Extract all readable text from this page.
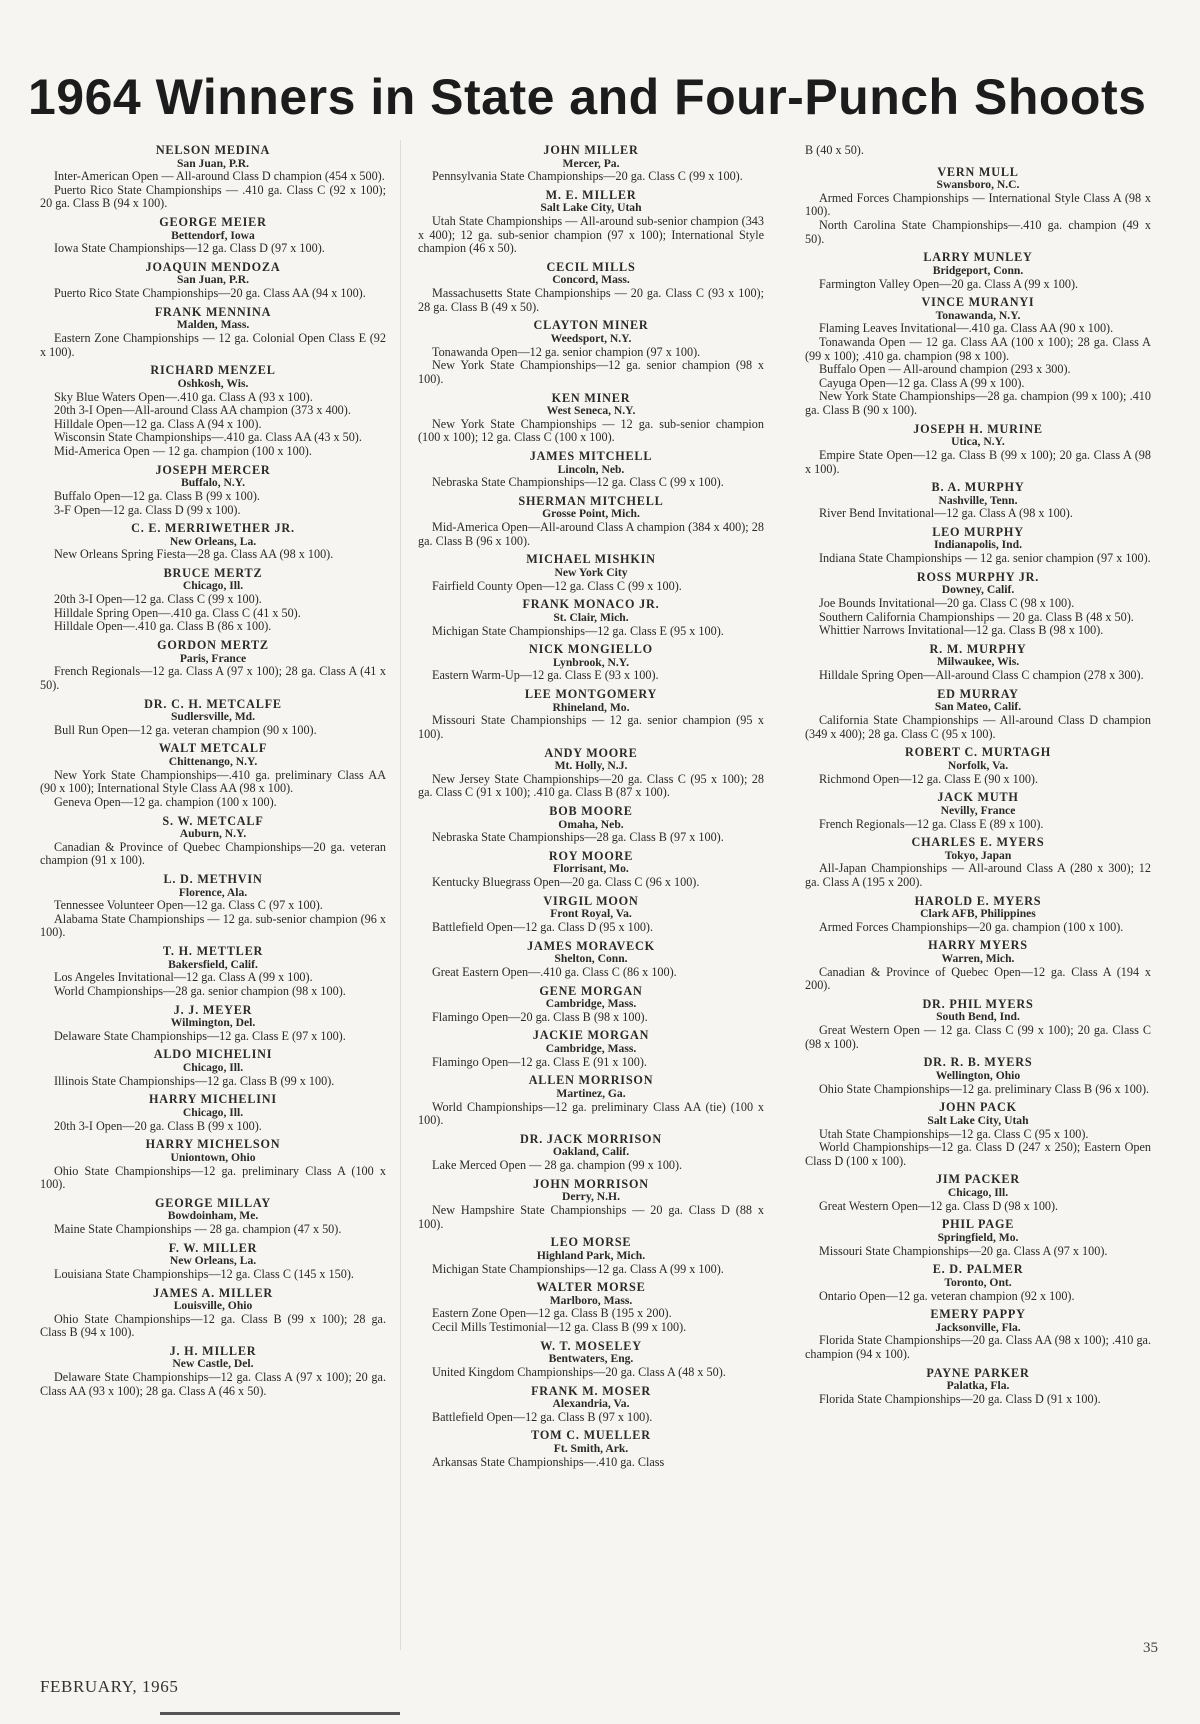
1964 Winners in State and Four-Punch Shoots
NELSON MEDINA
San Juan, P.R.
Inter-American Open — All-around Class D champion (454 x 500).
Puerto Rico State Championships — .410 ga. Class C (92 x 100); 20 ga. Class B (94 x 100).
GEORGE MEIER
Bettendorf, Iowa
Iowa State Championships—12 ga. Class D (97 x 100).
JOAQUIN MENDOZA
San Juan, P.R.
Puerto Rico State Championships—20 ga. Class AA (94 x 100).
FRANK MENNINA
Malden, Mass.
Eastern Zone Championships — 12 ga. Colonial Open Class E (92 x 100).
RICHARD MENZEL
Oshkosh, Wis.
Sky Blue Waters Open—.410 ga. Class A (93 x 100).
20th 3-I Open—All-around Class AA champion (373 x 400).
Hilldale Open—12 ga. Class A (94 x 100).
Wisconsin State Championships—.410 ga. Class AA (43 x 50).
Mid-America Open — 12 ga. champion (100 x 100).
JOSEPH MERCER
Buffalo, N.Y.
Buffalo Open—12 ga. Class B (99 x 100).
3-F Open—12 ga. Class D (99 x 100).
C. E. MERRIWETHER JR.
New Orleans, La.
New Orleans Spring Fiesta—28 ga. Class AA (98 x 100).
BRUCE MERTZ
Chicago, Ill.
20th 3-I Open—12 ga. Class C (99 x 100).
Hilldale Spring Open—.410 ga. Class C (41 x 50).
Hilldale Open—.410 ga. Class B (86 x 100).
GORDON MERTZ
Paris, France
French Regionals—12 ga. Class A (97 x 100); 28 ga. Class A (41 x 50).
DR. C. H. METCALFE
Sudlersville, Md.
Bull Run Open—12 ga. veteran champion (90 x 100).
WALT METCALF
Chittenango, N.Y.
New York State Championships—.410 ga. preliminary Class AA (90 x 100); International Style Class AA (98 x 100).
Geneva Open—12 ga. champion (100 x 100).
S. W. METCALF
Auburn, N.Y.
Canadian & Province of Quebec Championships—20 ga. veteran champion (91 x 100).
L. D. METHVIN
Florence, Ala.
Tennessee Volunteer Open—12 ga. Class C (97 x 100).
Alabama State Championships — 12 ga. sub-senior champion (96 x 100).
T. H. METTLER
Bakersfield, Calif.
Los Angeles Invitational—12 ga. Class A (99 x 100).
World Championships—28 ga. senior champion (98 x 100).
J. J. MEYER
Wilmington, Del.
Delaware State Championships—12 ga. Class E (97 x 100).
ALDO MICHELINI
Chicago, Ill.
Illinois State Championships—12 ga. Class B (99 x 100).
HARRY MICHELINI
Chicago, Ill.
20th 3-I Open—20 ga. Class B (99 x 100).
HARRY MICHELSON
Uniontown, Ohio
Ohio State Championships—12 ga. preliminary Class A (100 x 100).
GEORGE MILLAY
Bowdoinham, Me.
Maine State Championships — 28 ga. champion (47 x 50).
F. W. MILLER
New Orleans, La.
Louisiana State Championships—12 ga. Class C (145 x 150).
JAMES A. MILLER
Louisville, Ohio
Ohio State Championships—12 ga. Class B (99 x 100); 28 ga. Class B (94 x 100).
J. H. MILLER
New Castle, Del.
Delaware State Championships—12 ga. Class A (97 x 100); 20 ga. Class AA (93 x 100); 28 ga. Class A (46 x 50).
JOHN MILLER
Mercer, Pa.
Pennsylvania State Championships—20 ga. Class C (99 x 100).
M. E. MILLER
Salt Lake City, Utah
Utah State Championships — All-around sub-senior champion (343 x 400); 12 ga. sub-senior champion (97 x 100); International Style champion (46 x 50).
CECIL MILLS
Concord, Mass.
Massachusetts State Championships — 20 ga. Class C (93 x 100); 28 ga. Class B (49 x 50).
CLAYTON MINER
Weedsport, N.Y.
Tonawanda Open—12 ga. senior champion (97 x 100).
New York State Championships—12 ga. senior champion (98 x 100).
KEN MINER
West Seneca, N.Y.
New York State Championships — 12 ga. sub-senior champion (100 x 100); 12 ga. Class C (100 x 100).
JAMES MITCHELL
Lincoln, Neb.
Nebraska State Championships—12 ga. Class C (99 x 100).
SHERMAN MITCHELL
Grosse Point, Mich.
Mid-America Open—All-around Class A champion (384 x 400); 28 ga. Class B (96 x 100).
MICHAEL MISHKIN
New York City
Fairfield County Open—12 ga. Class C (99 x 100).
FRANK MONACO JR.
St. Clair, Mich.
Michigan State Championships—12 ga. Class E (95 x 100).
NICK MONGIELLO
Lynbrook, N.Y.
Eastern Warm-Up—12 ga. Class E (93 x 100).
LEE MONTGOMERY
Rhineland, Mo.
Missouri State Championships — 12 ga. senior champion (95 x 100).
ANDY MOORE
Mt. Holly, N.J.
New Jersey State Championships—20 ga. Class C (95 x 100); 28 ga. Class C (91 x 100); .410 ga. Class B (87 x 100).
BOB MOORE
Omaha, Neb.
Nebraska State Championships—28 ga. Class B (97 x 100).
ROY MOORE
Florrisant, Mo.
Kentucky Bluegrass Open—20 ga. Class C (96 x 100).
VIRGIL MOON
Front Royal, Va.
Battlefield Open—12 ga. Class D (95 x 100).
JAMES MORAVECK
Shelton, Conn.
Great Eastern Open—.410 ga. Class C (86 x 100).
GENE MORGAN
Cambridge, Mass.
Flamingo Open—20 ga. Class B (98 x 100).
JACKIE MORGAN
Cambridge, Mass.
Flamingo Open—12 ga. Class E (91 x 100).
ALLEN MORRISON
Martinez, Ga.
World Championships—12 ga. preliminary Class AA (tie) (100 x 100).
DR. JACK MORRISON
Oakland, Calif.
Lake Merced Open — 28 ga. champion (99 x 100).
JOHN MORRISON
Derry, N.H.
New Hampshire State Championships — 20 ga. Class D (88 x 100).
LEO MORSE
Highland Park, Mich.
Michigan State Championships—12 ga. Class A (99 x 100).
WALTER MORSE
Marlboro, Mass.
Eastern Zone Open—12 ga. Class B (195 x 200).
Cecil Mills Testimonial—12 ga. Class B (99 x 100).
W. T. MOSELEY
Bentwaters, Eng.
United Kingdom Championships—20 ga. Class A (48 x 50).
FRANK M. MOSER
Alexandria, Va.
Battlefield Open—12 ga. Class B (97 x 100).
TOM C. MUELLER
Ft. Smith, Ark.
Arkansas State Championships—.410 ga. Class
B (40 x 50).
VERN MULL
Swansboro, N.C.
Armed Forces Championships — International Style Class A (98 x 100).
North Carolina State Championships—.410 ga. champion (49 x 50).
LARRY MUNLEY
Bridgeport, Conn.
Farmington Valley Open—20 ga. Class A (99 x 100).
VINCE MURANYI
Tonawanda, N.Y.
Flaming Leaves Invitational—.410 ga. Class AA (90 x 100).
Tonawanda Open — 12 ga. Class AA (100 x 100); 28 ga. Class A (99 x 100); .410 ga. champion (98 x 100).
Buffalo Open — All-around champion (293 x 300).
Cayuga Open—12 ga. Class A (99 x 100).
New York State Championships—28 ga. champion (99 x 100); .410 ga. Class B (90 x 100).
JOSEPH H. MURINE
Utica, N.Y.
Empire State Open—12 ga. Class B (99 x 100); 20 ga. Class A (98 x 100).
B. A. MURPHY
Nashville, Tenn.
River Bend Invitational—12 ga. Class A (98 x 100).
LEO MURPHY
Indianapolis, Ind.
Indiana State Championships — 12 ga. senior champion (97 x 100).
ROSS MURPHY JR.
Downey, Calif.
Joe Bounds Invitational—20 ga. Class C (98 x 100).
Southern California Championships — 20 ga. Class B (48 x 50).
Whittier Narrows Invitational—12 ga. Class B (98 x 100).
R. M. MURPHY
Milwaukee, Wis.
Hilldale Spring Open—All-around Class C champion (278 x 300).
ED MURRAY
San Mateo, Calif.
California State Championships — All-around Class D champion (349 x 400); 28 ga. Class C (95 x 100).
ROBERT C. MURTAGH
Norfolk, Va.
Richmond Open—12 ga. Class E (90 x 100).
JACK MUTH
Nevilly, France
French Regionals—12 ga. Class E (89 x 100).
CHARLES E. MYERS
Tokyo, Japan
All-Japan Championships — All-around Class A (280 x 300); 12 ga. Class A (195 x 200).
HAROLD E. MYERS
Clark AFB, Philippines
Armed Forces Championships—20 ga. champion (100 x 100).
HARRY MYERS
Warren, Mich.
Canadian & Province of Quebec Open—12 ga. Class A (194 x 200).
DR. PHIL MYERS
South Bend, Ind.
Great Western Open — 12 ga. Class C (99 x 100); 20 ga. Class C (98 x 100).
DR. R. B. MYERS
Wellington, Ohio
Ohio State Championships—12 ga. preliminary Class B (96 x 100).
JOHN PACK
Salt Lake City, Utah
Utah State Championships—12 ga. Class C (95 x 100).
World Championships—12 ga. Class D (247 x 250); Eastern Open Class D (100 x 100).
JIM PACKER
Chicago, Ill.
Great Western Open—12 ga. Class D (98 x 100).
PHIL PAGE
Springfield, Mo.
Missouri State Championships—20 ga. Class A (97 x 100).
E. D. PALMER
Toronto, Ont.
Ontario Open—12 ga. veteran champion (92 x 100).
EMERY PAPPY
Jacksonville, Fla.
Florida State Championships—20 ga. Class AA (98 x 100); .410 ga. champion (94 x 100).
PAYNE PARKER
Palatka, Fla.
Florida State Championships—20 ga. Class D (91 x 100).
35
FEBRUARY, 1965
